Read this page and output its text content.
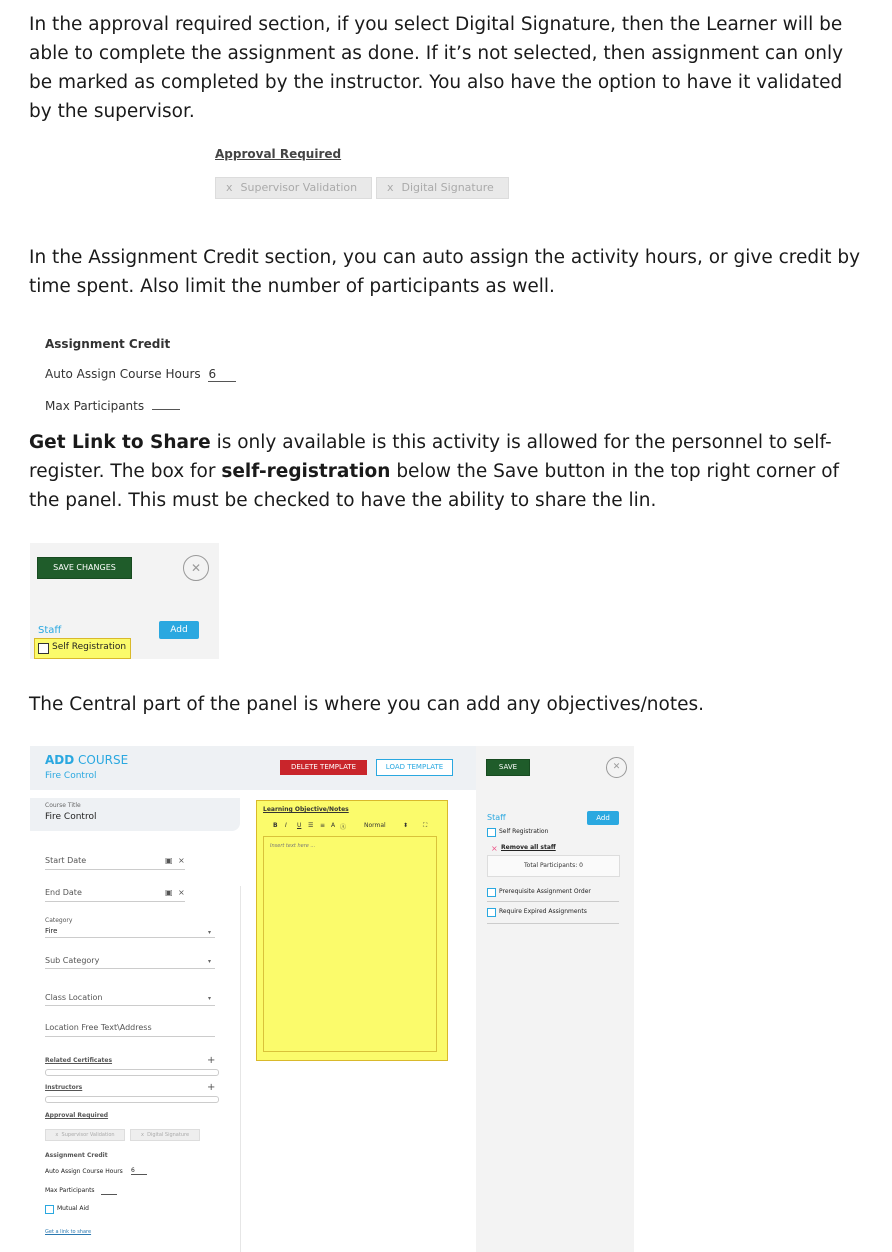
In the approval required section, if you select Digital Signature, then the Learner will be able to complete the assignment as done. If it’s not selected, then assignment can only be marked as completed by the instructor. You also have the option to have it validated by the supervisor.

Approval Required
x Supervisor Validation	x Digital Signature

In the Assignment Credit section, you can auto assign the activity hours, or give credit by time spent. Also limit the number of participants as well.

Assignment Credit
Auto Assign Course Hours 6
Max Participants

Get Link to Share is only available is this activity is allowed for the personnel to self-register. The box for self-registration below the Save button in the top right corner of the panel. This must be checked to have the ability to share the lin.

SAVE CHANGES	✕
Staff	Add
Self Registration

The Central part of the panel is where you can add any objectives/notes.

ADD COURSE
Fire Control
DELETE TEMPLATE	LOAD TEMPLATE	SAVE	✕
Course Title
Fire Control
Start Date	▣ ×
End Date	▣ ×
Category
Fire	▾
Sub Category	▾
Class Location	▾
Location Free Text\Address
Related Certificates	+
Instructors	+
Approval Required
x  Supervisor Validation	x  Digital Signature
Assignment Credit
Auto Assign Course Hours 6
Max Participants
Mutual Aid
Get a link to share
Learning Objective/Notes
B I U ☰ ≡ A Ⓐ	Normal	⬍ ⛶
Insert text here ...
Staff	Add
Self Registration
× Remove all staff
Total Participants: 0
Prerequisite Assignment Order
Require Expired Assignments
